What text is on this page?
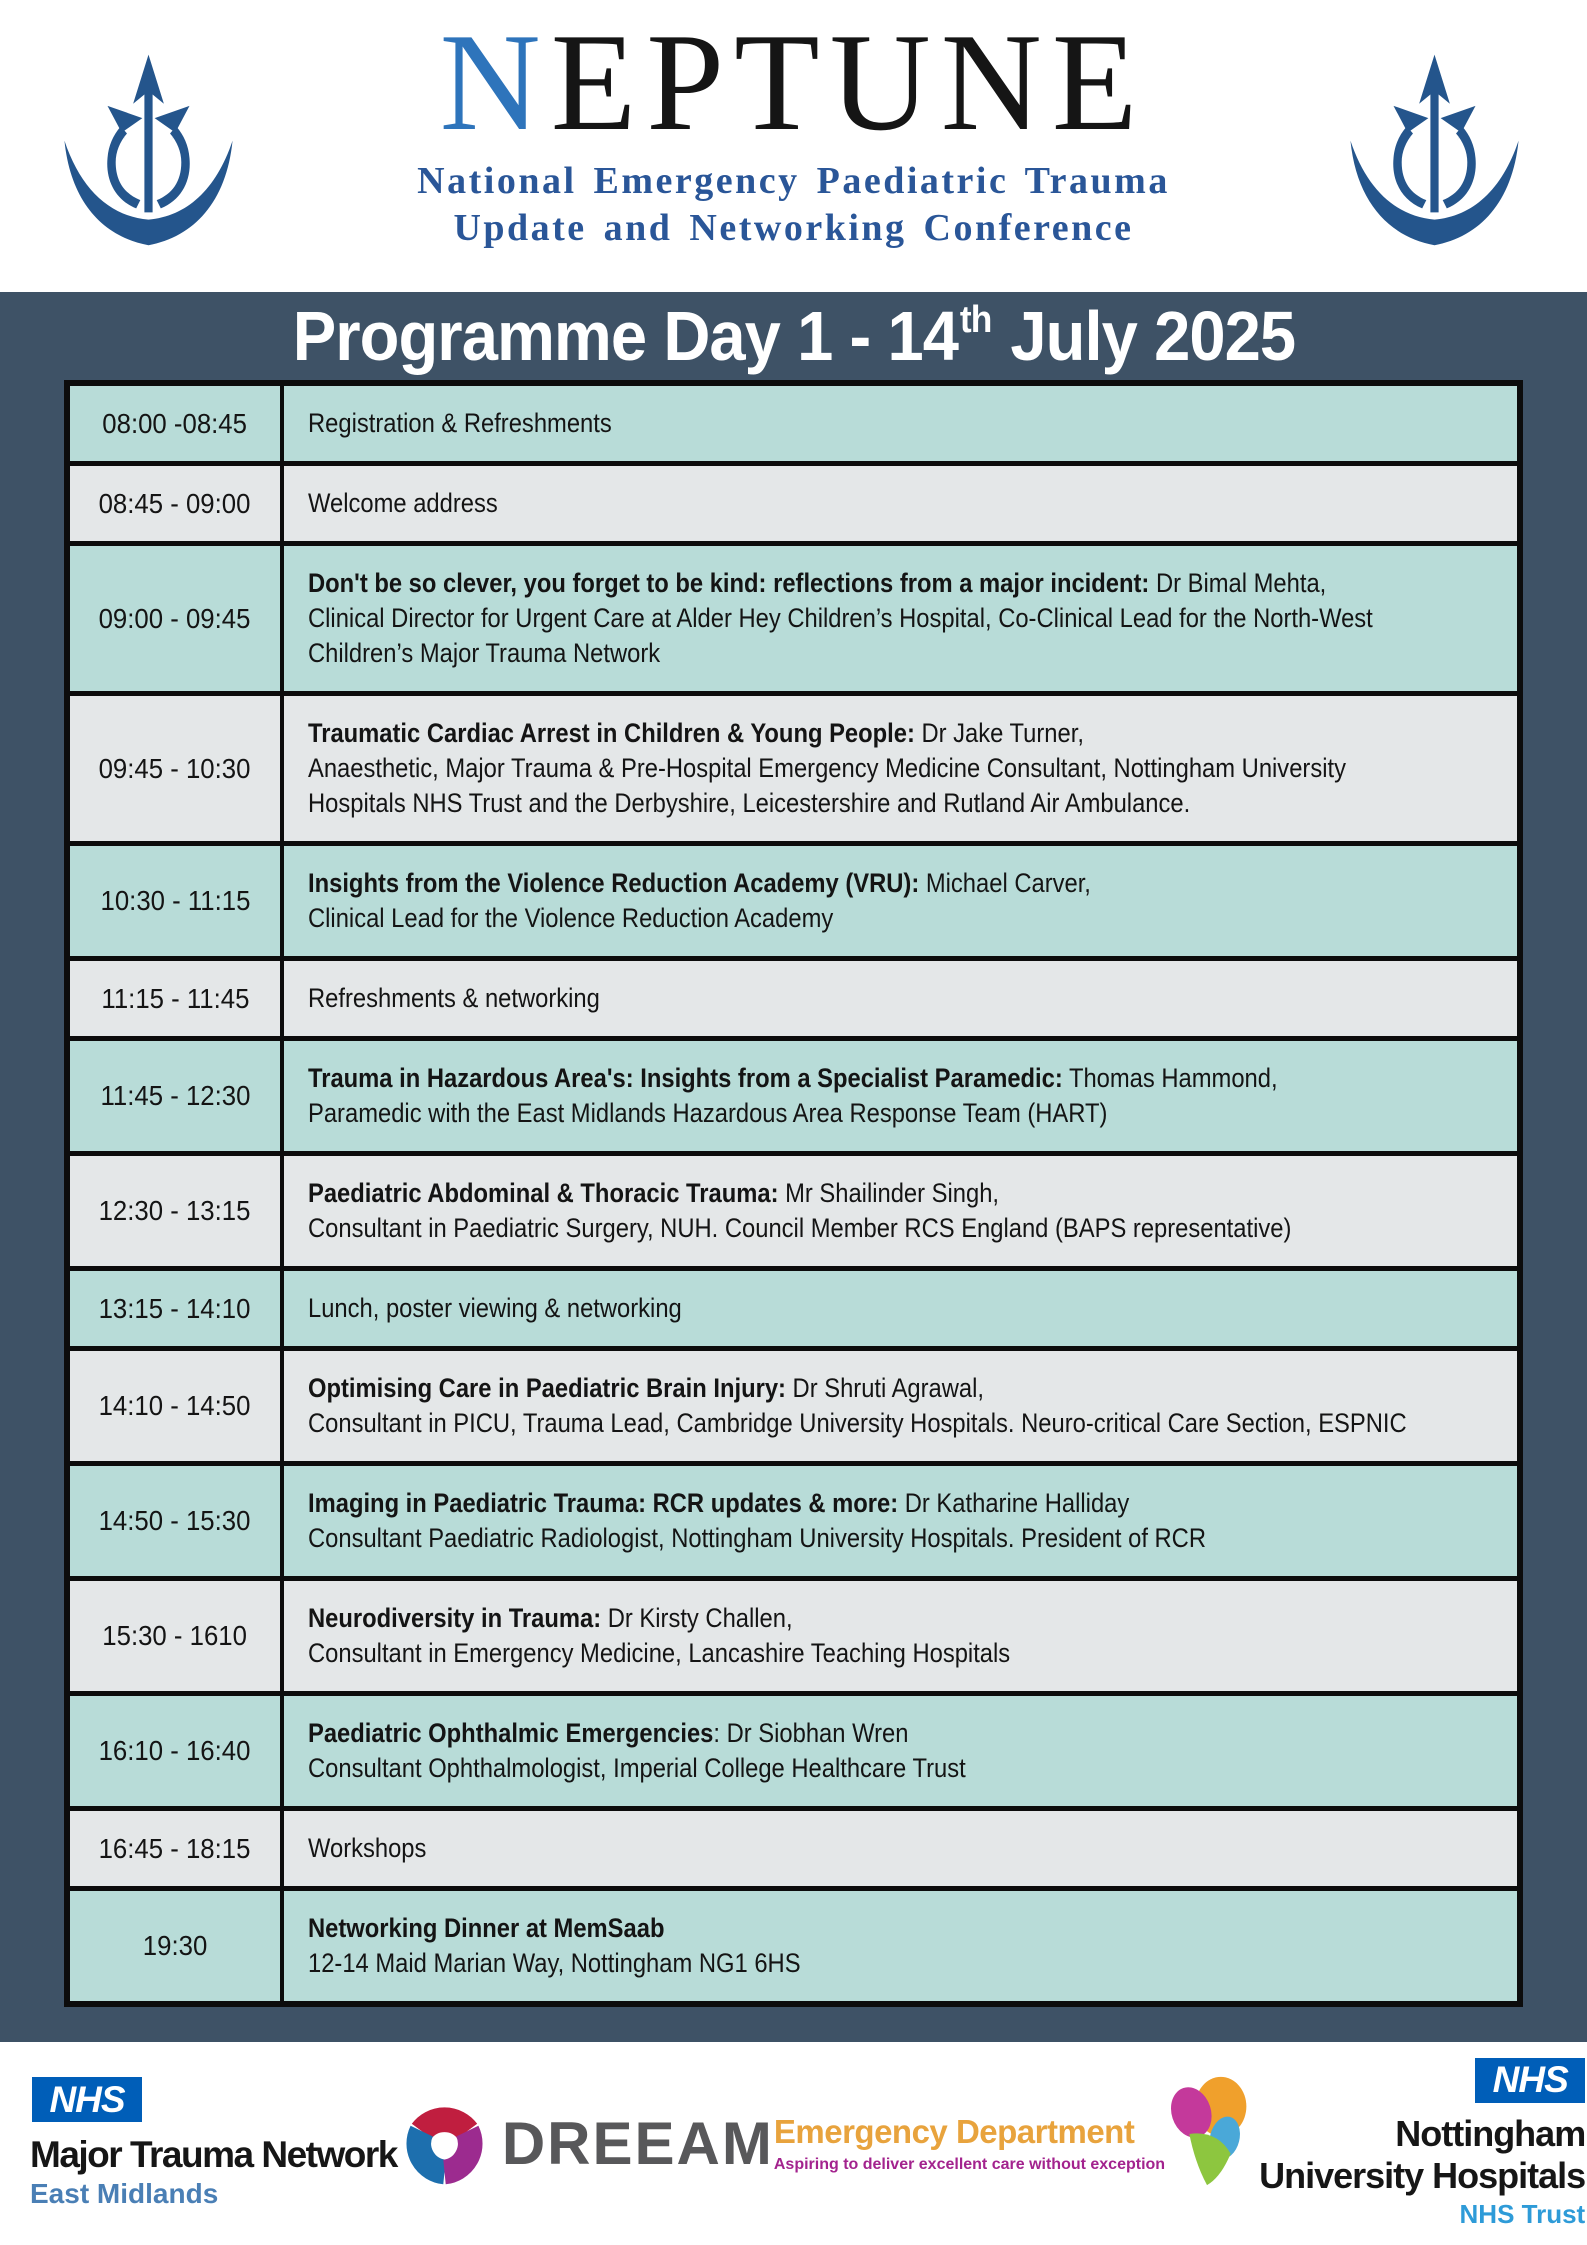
NEPTUNE
National Emergency Paediatric Trauma
Update and Networking Conference
Programme Day 1 - 14th July 2025
08:00 -08:45 Registration & Refreshments
08:45 - 09:00 Welcome address
09:00 - 09:45
Don't be so clever, you forget to be kind: reflections from a major incident: Dr Bimal Mehta,
Clinical Director for Urgent Care at Alder Hey Children’s Hospital, Co-Clinical Lead for the North-West
Children’s Major Trauma Network
09:45 - 10:30
Traumatic Cardiac Arrest in Children & Young People: Dr Jake Turner,
Anaesthetic, Major Trauma & Pre-Hospital Emergency Medicine Consultant, Nottingham University
Hospitals NHS Trust and the Derbyshire, Leicestershire and Rutland Air Ambulance.
10:30 - 11:15
Insights from the Violence Reduction Academy (VRU): Michael Carver,
Clinical Lead for the Violence Reduction Academy
11:15 - 11:45 Refreshments & networking
11:45 - 12:30
Trauma in Hazardous Area's: Insights from a Specialist Paramedic: Thomas Hammond,
Paramedic with the East Midlands Hazardous Area Response Team (HART)
12:30 - 13:15
Paediatric Abdominal & Thoracic Trauma: Mr Shailinder Singh,
Consultant in Paediatric Surgery, NUH. Council Member RCS England (BAPS representative)
13:15 - 14:10 Lunch, poster viewing & networking
14:10 - 14:50
Optimising Care in Paediatric Brain Injury: Dr Shruti Agrawal,
Consultant in PICU, Trauma Lead, Cambridge University Hospitals. Neuro-critical Care Section, ESPNIC
14:50 - 15:30
Imaging in Paediatric Trauma: RCR updates & more: Dr Katharine Halliday
Consultant Paediatric Radiologist, Nottingham University Hospitals. President of RCR
15:30 - 1610
Neurodiversity in Trauma: Dr Kirsty Challen,
Consultant in Emergency Medicine, Lancashire Teaching Hospitals
16:10 - 16:40
Paediatric Ophthalmic Emergencies: Dr Siobhan Wren
Consultant Ophthalmologist, Imperial College Healthcare Trust
16:45 - 18:15 Workshops
19:30
Networking Dinner at MemSaab
12-14 Maid Marian Way, Nottingham NG1 6HS
NHS
Major Trauma Network
East Midlands
DREEAM Emergency Department
Aspiring to deliver excellent care without exception
NHS
Nottingham
University Hospitals
NHS Trust
